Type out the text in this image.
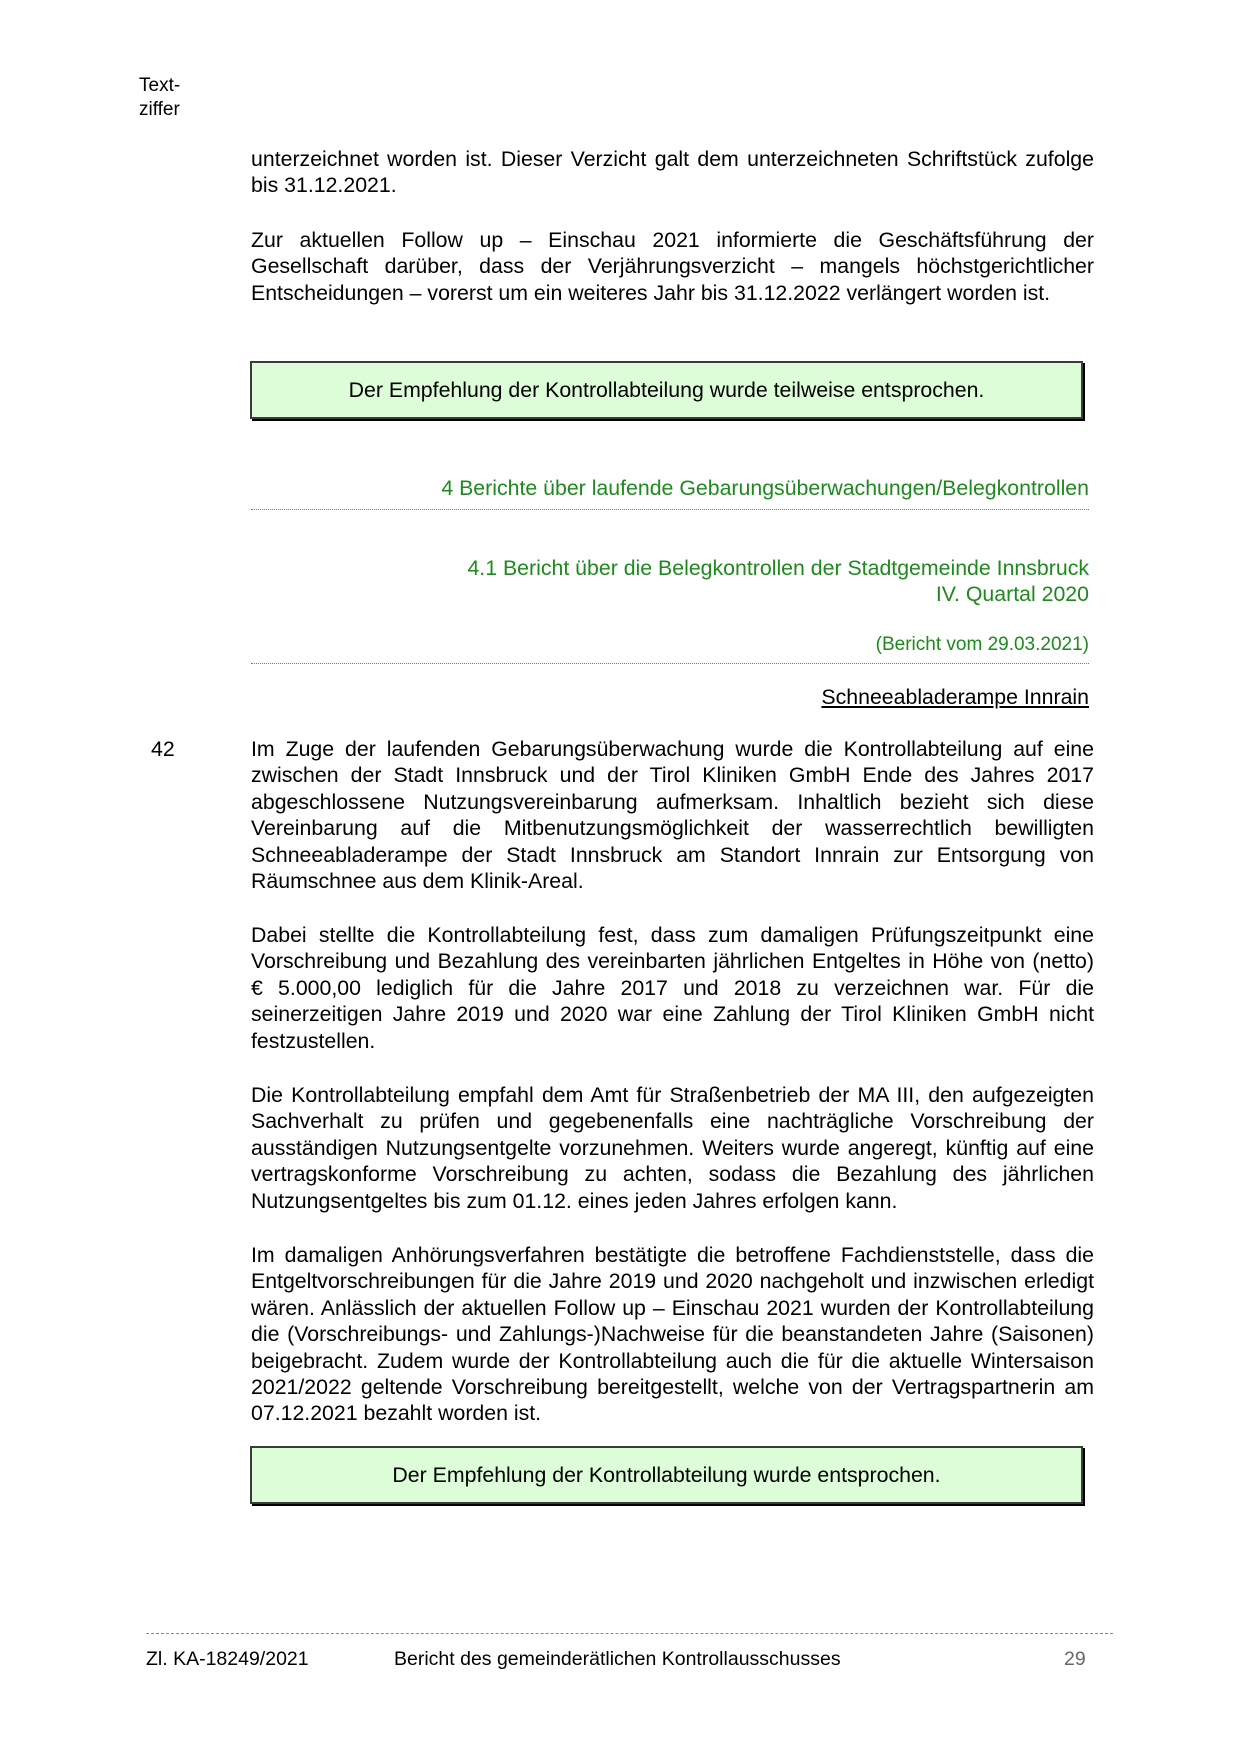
Text-
ziffer

unterzeichnet worden ist. Dieser Verzicht galt dem unterzeichneten Schriftstück zufolge bis 31.12.2021.

Zur aktuellen Follow up – Einschau 2021 informierte die Geschäftsführung der Gesellschaft darüber, dass der Verjährungsverzicht – mangels höchstgerichtlicher Entscheidungen – vorerst um ein weiteres Jahr bis 31.12.2022 verlängert worden ist.

Der Empfehlung der Kontrollabteilung wurde teilweise entsprochen.
4 Berichte über laufende Gebarungsüberwachungen/Belegkontrollen
4.1 Bericht über die Belegkontrollen der Stadtgemeinde Innsbruck
IV. Quartal 2020
(Bericht vom 29.03.2021)
Schneeabladerampe Innrain
42	Im Zuge der laufenden Gebarungsüberwachung wurde die Kontrollabteilung auf eine zwischen der Stadt Innsbruck und der Tirol Kliniken GmbH Ende des Jahres 2017 abgeschlossene Nutzungsvereinbarung aufmerksam. Inhaltlich bezieht sich diese Vereinbarung auf die Mitbenutzungsmöglichkeit der wasserrechtlich bewilligten Schneeabladerampe der Stadt Innsbruck am Standort Innrain zur Entsorgung von Räumschnee aus dem Klinik-Areal.

Dabei stellte die Kontrollabteilung fest, dass zum damaligen Prüfungszeitpunkt eine Vorschreibung und Bezahlung des vereinbarten jährlichen Entgeltes in Höhe von (netto) € 5.000,00 lediglich für die Jahre 2017 und 2018 zu verzeichnen war. Für die seinerzeitigen Jahre 2019 und 2020 war eine Zahlung der Tirol Kliniken GmbH nicht festzustellen.

Die Kontrollabteilung empfahl dem Amt für Straßenbetrieb der MA III, den aufgezeigten Sachverhalt zu prüfen und gegebenenfalls eine nachträgliche Vorschreibung der ausständigen Nutzungsentgelte vorzunehmen. Weiters wurde angeregt, künftig auf eine vertragskonforme Vorschreibung zu achten, sodass die Bezahlung des jährlichen Nutzungsentgeltes bis zum 01.12. eines jeden Jahres erfolgen kann.

Im damaligen Anhörungsverfahren bestätigte die betroffene Fachdienststelle, dass die Entgeltvorschreibungen für die Jahre 2019 und 2020 nachgeholt und inzwischen erledigt wären. Anlässlich der aktuellen Follow up – Einschau 2021 wurden der Kontrollabteilung die (Vorschreibungs- und Zahlungs-)Nachweise für die beanstandeten Jahre (Saisonen) beigebracht. Zudem wurde der Kontrollabteilung auch die für die aktuelle Wintersaison 2021/2022 geltende Vorschreibung bereitgestellt, welche von der Vertragspartnerin am 07.12.2021 bezahlt worden ist.

Der Empfehlung der Kontrollabteilung wurde entsprochen.
Zl. KA-18249/2021	Bericht des gemeinderätlichen Kontrollausschusses	29
